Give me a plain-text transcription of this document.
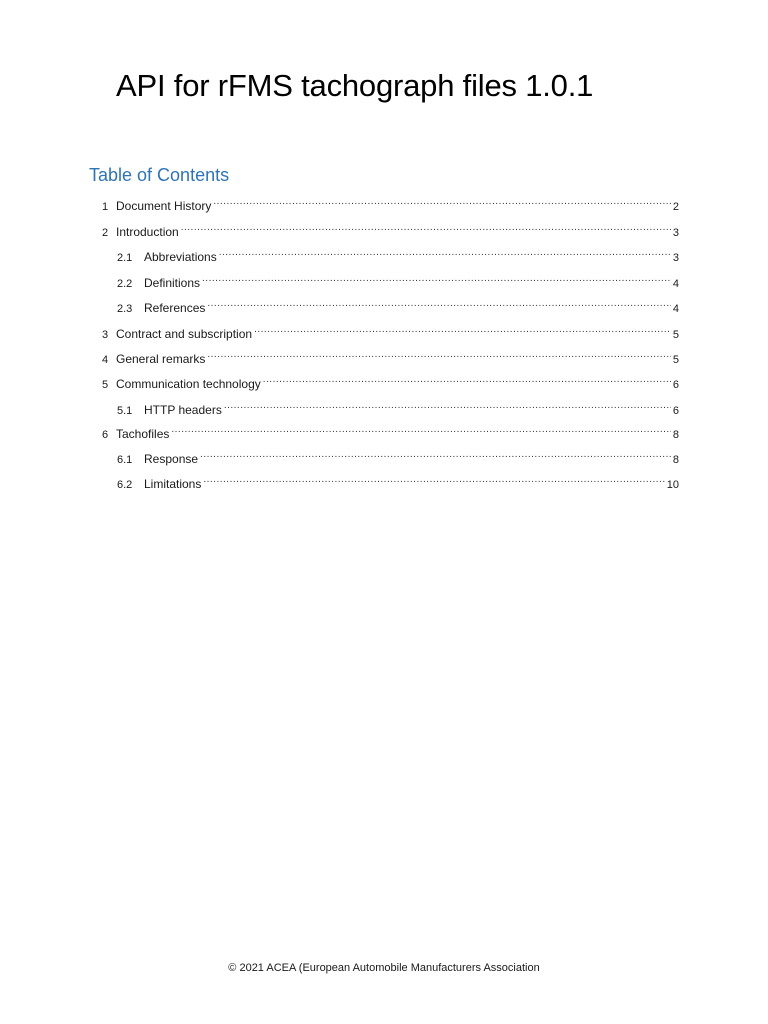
API for rFMS tachograph files 1.0.1
Table of Contents
1 Document History .....	2
2 Introduction .....	3
2.1 Abbreviations .....	3
2.2 Definitions .....	4
2.3 References .....	4
3 Contract and subscription .....	5
4 General remarks .....	5
5 Communication technology .....	6
5.1 HTTP headers .....	6
6 Tachofiles .....	8
6.1 Response .....	8
6.2 Limitations .....	10
© 2021 ACEA (European Automobile Manufacturers Association
